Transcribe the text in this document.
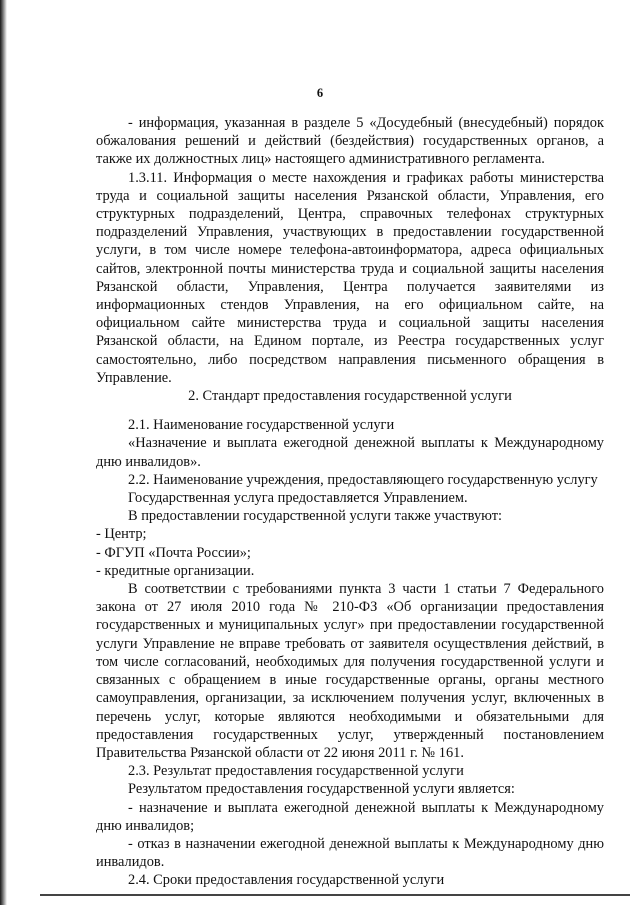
6

- информация, указанная в разделе 5 «Досудебный (внесудебный) порядок обжалования решений и действий (бездействия) государственных органов, а также их должностных лиц» настоящего административного регламента.

1.3.11. Информация о месте нахождения и графиках работы министерства труда и социальной защиты населения Рязанской области, Управления, его структурных подразделений, Центра, справочных телефонах структурных подразделений Управления, участвующих в предоставлении государственной услуги, в том числе номере телефона-автоинформатора, адреса официальных сайтов, электронной почты министерства труда и социальной защиты населения Рязанской области, Управления, Центра получается заявителями из информационных стендов Управления, на его официальном сайте, на официальном сайте министерства труда и социальной защиты населения Рязанской области, на Едином портале, из Реестра государственных услуг самостоятельно, либо посредством направления письменного обращения в Управление.

2. Стандарт предоставления государственной услуги

2.1. Наименование государственной услуги

«Назначение и выплата ежегодной денежной выплаты к Международному дню инвалидов».

2.2. Наименование учреждения, предоставляющего государственную услугу

Государственная услуга предоставляется Управлением.

В предоставлении государственной услуги также участвуют:

- Центр;

- ФГУП «Почта России»;

- кредитные организации.

В соответствии с требованиями пункта 3 части 1 статьи 7 Федерального закона от 27 июля 2010 года № 210-ФЗ «Об организации предоставления государственных и муниципальных услуг» при предоставлении государственной услуги Управление не вправе требовать от заявителя осуществления действий, в том числе согласований, необходимых для получения государственной услуги и связанных с обращением в иные государственные органы, органы местного самоуправления, организации, за исключением получения услуг, включенных в перечень услуг, которые являются необходимыми и обязательными для предоставления государственных услуг, утвержденный постановлением Правительства Рязанской области от 22 июня 2011 г. № 161.

2.3. Результат предоставления государственной услуги

Результатом предоставления государственной услуги является:

- назначение и выплата ежегодной денежной выплаты к Международному дню инвалидов;

- отказ в назначении ежегодной денежной выплаты к Международному дню инвалидов.

2.4. Сроки предоставления государственной услуги
